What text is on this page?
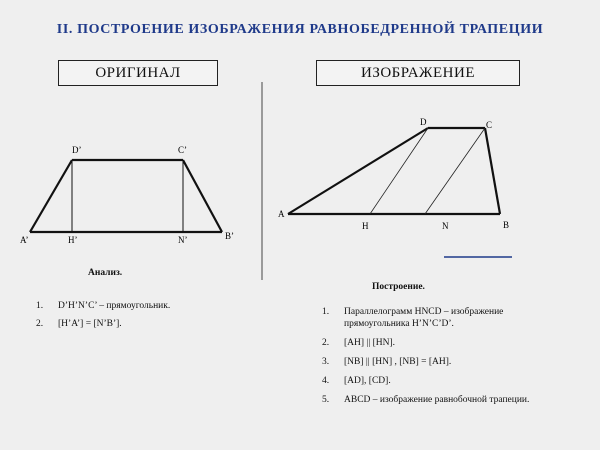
II. ПОСТРОЕНИЕ ИЗОБРАЖЕНИЯ РАВНОБЕДРЕННОЙ ТРАПЕЦИИ
ОРИГИНАЛ	ИЗОБРАЖЕНИЕ
D’	C’
A’	H’	N’	B’
D	C
A
H	N	B
Анализ.
1. D’H’N’C’ – прямоугольник.
2. [H’A’] = [N’B’].
Построение.
1. Параллелограмм HNCD – изображение прямоугольника H’N’C’D’.
2. [AH] || [HN].
3. [NB] || [HN] , [NB] = [AH].
4. [AD], [CD].
5. ABCD – изображение равнобочной трапеции.
